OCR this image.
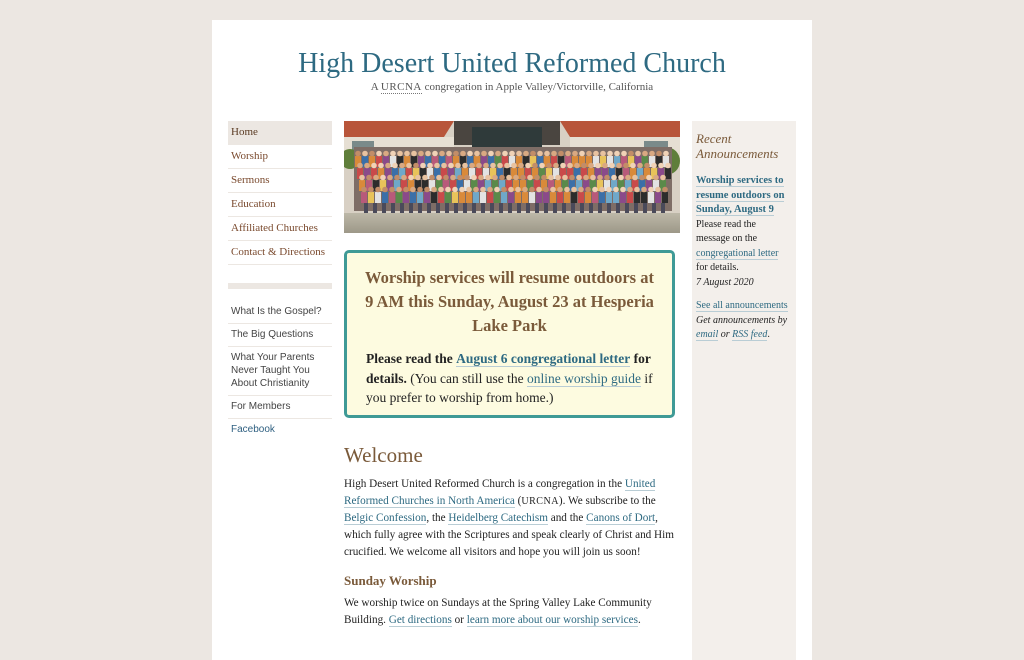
High Desert United Reformed Church
A URCNA congregation in Apple Valley/Victorville, California
Home
Worship
Sermons
Education
Affiliated Churches
Contact & Directions
What Is the Gospel?
The Big Questions
What Your Parents Never Taught You About Christianity
For Members
Facebook
Worship services will resume outdoors at 9 AM this Sunday, August 23 at Hesperia Lake Park
Please read the August 6 congregational letter for details. (You can still use the online worship guide if you prefer to worship from home.)
Welcome

High Desert United Reformed Church is a congregation in the United Reformed Churches in North America (URCNA). We subscribe to the Belgic Confession, the Heidelberg Catechism and the Canons of Dort, which fully agree with the Scriptures and speak clearly of Christ and Him crucified. We welcome all visitors and hope you will join us soon!

Sunday Worship

We worship twice on Sundays at the Spring Valley Lake Community Building. Get directions or learn more about our worship services.

Recent Announcements
Worship services to resume outdoors on Sunday, August 9
Please read the message on the congregational letter for details.
7 August 2020
See all announcements
Get announcements by email or RSS feed.
